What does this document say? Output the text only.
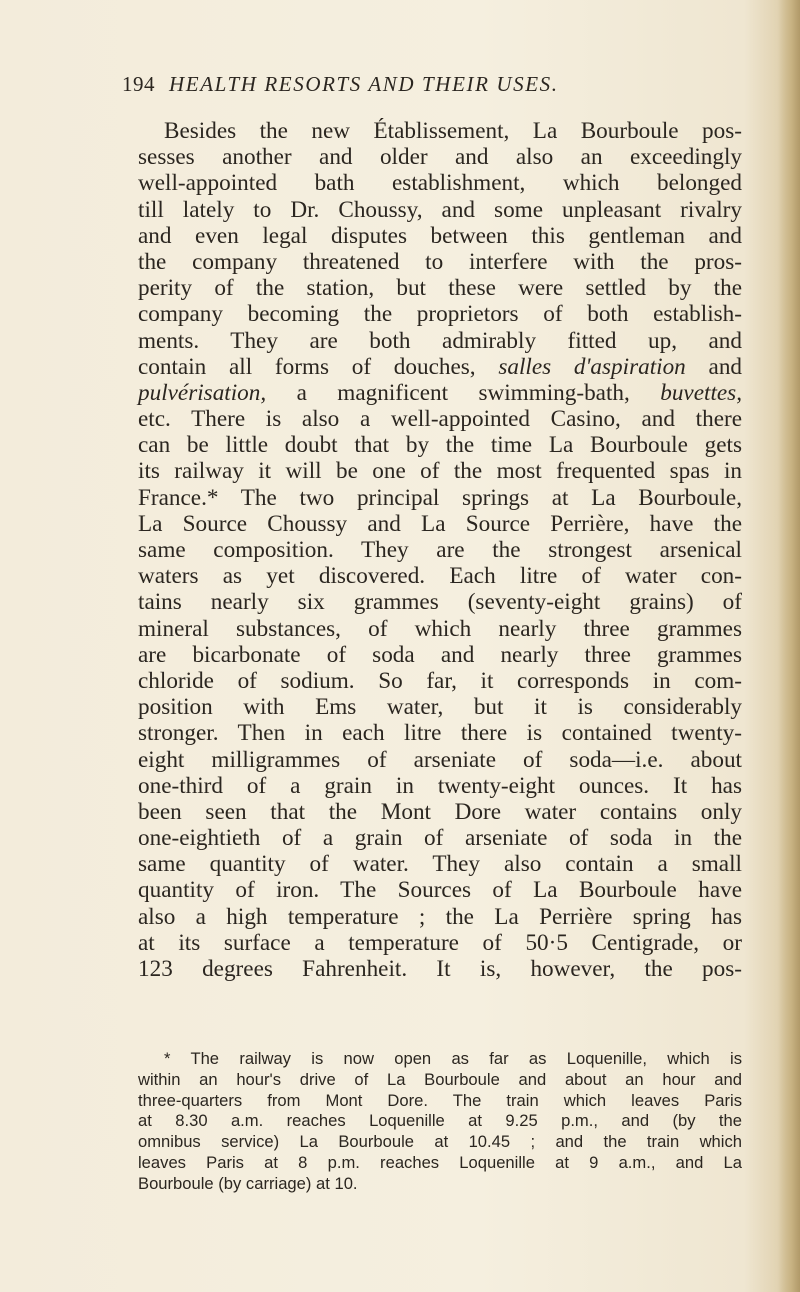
194 HEALTH RESORTS AND THEIR USES.
Besides the new Établissement, La Bourboule pos-
sesses another and older and also an exceedingly
well-appointed bath establishment, which belonged
till lately to Dr. Choussy, and some unpleasant rivalry
and even legal disputes between this gentleman and
the company threatened to interfere with the pros-
perity of the station, but these were settled by the
company becoming the proprietors of both establish-
ments. They are both admirably fitted up, and
contain all forms of douches, salles d'aspiration and
pulvérisation, a magnificent swimming-bath, buvettes,
etc. There is also a well-appointed Casino, and there
can be little doubt that by the time La Bourboule gets
its railway it will be one of the most frequented spas in
France.* The two principal springs at La Bourboule,
La Source Choussy and La Source Perrière, have the
same composition. They are the strongest arsenical
waters as yet discovered. Each litre of water con-
tains nearly six grammes (seventy-eight grains) of
mineral substances, of which nearly three grammes
are bicarbonate of soda and nearly three grammes
chloride of sodium. So far, it corresponds in com-
position with Ems water, but it is considerably
stronger. Then in each litre there is contained twenty-
eight milligrammes of arseniate of soda—i.e. about
one-third of a grain in twenty-eight ounces. It has
been seen that the Mont Dore water contains only
one-eightieth of a grain of arseniate of soda in the
same quantity of water. They also contain a small
quantity of iron. The Sources of La Bourboule have
also a high temperature ; the La Perrière spring has
at its surface a temperature of 50·5 Centigrade, or
123 degrees Fahrenheit. It is, however, the pos-
* The railway is now open as far as Loquenille, which is
within an hour's drive of La Bourboule and about an hour and
three-quarters from Mont Dore. The train which leaves Paris
at 8.30 a.m. reaches Loquenille at 9.25 p.m., and (by the
omnibus service) La Bourboule at 10.45 ; and the train which
leaves Paris at 8 p.m. reaches Loquenille at 9 a.m., and La
Bourboule (by carriage) at 10.
